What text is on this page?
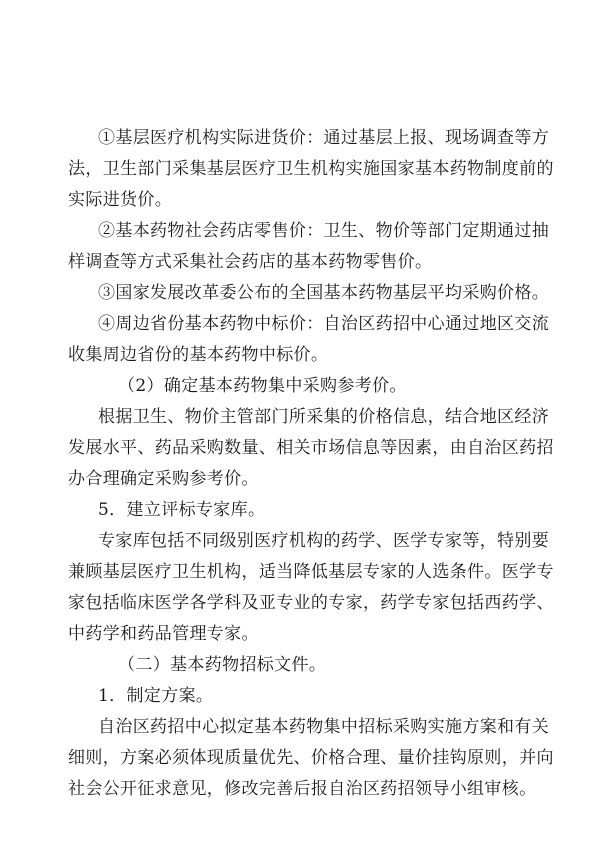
①基层医疗机构实际进货价：通过基层上报、现场调查等方
法，卫生部门采集基层医疗卫生机构实施国家基本药物制度前的
实际进货价。
②基本药物社会药店零售价：卫生、物价等部门定期通过抽
样调查等方式采集社会药店的基本药物零售价。
③国家发展改革委公布的全国基本药物基层平均采购价格。
④周边省份基本药物中标价：自治区药招中心通过地区交流
收集周边省份的基本药物中标价。
（2）确定基本药物集中采购参考价。
根据卫生、物价主管部门所采集的价格信息，结合地区经济
发展水平、药品采购数量、相关市场信息等因素，由自治区药招
办合理确定采购参考价。
5．建立评标专家库。
专家库包括不同级别医疗机构的药学、医学专家等，特别要
兼顾基层医疗卫生机构，适当降低基层专家的人选条件。医学专
家包括临床医学各学科及亚专业的专家，药学专家包括西药学、
中药学和药品管理专家。
（二）基本药物招标文件。
1．制定方案。
自治区药招中心拟定基本药物集中招标采购实施方案和有关
细则，方案必须体现质量优先、价格合理、量价挂钩原则，并向
社会公开征求意见，修改完善后报自治区药招领导小组审核。
